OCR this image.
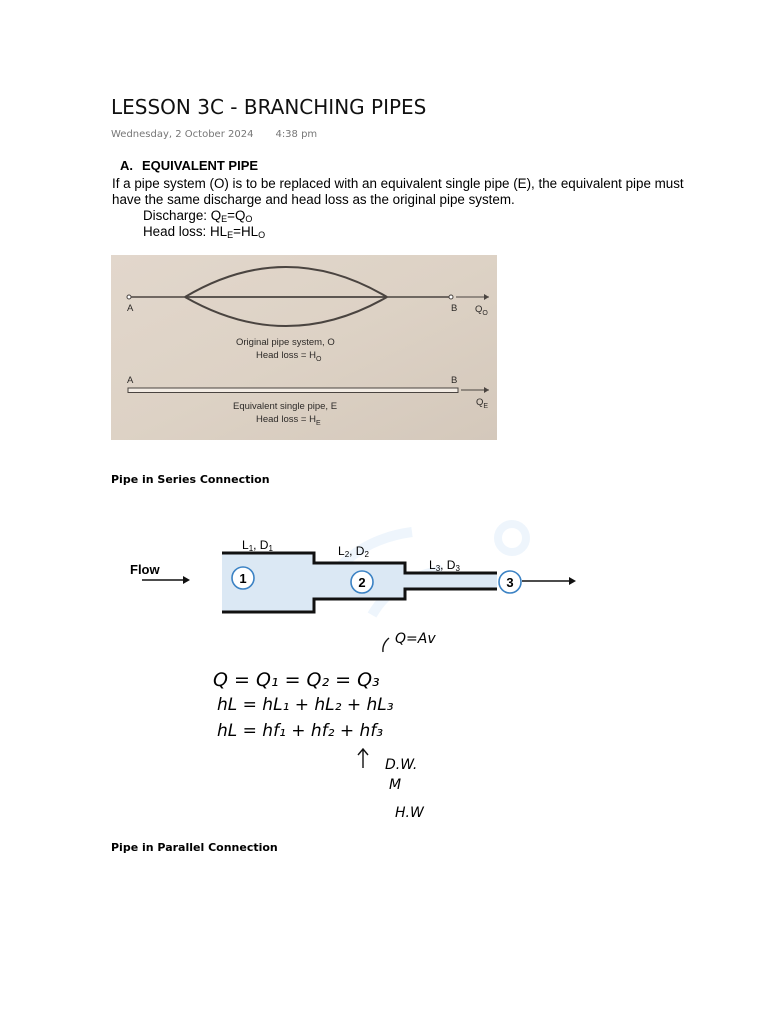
LESSON 3C - BRANCHING PIPES
Wednesday, 2 October 2024 4:38 pm
A. EQUIVALENT PIPE
If a pipe system (O) is to be replaced with an equivalent single pipe (E), the equivalent pipe must have the same discharge and head loss as the original pipe system.
Discharge: $Q_E=Q_O$
Head loss: $HL_E=HL_O$
A	B $Q_O$
Original pipe system, O
Head loss = $H_O$
A	B
$Q_E$
Equivalent single pipe, E
Head loss = $H_E$
Pipe in Series Connection
1	2	3
Flow
L1, D1	L2, D2
L3, D3
Q=Av
Q = Q₁ = Q₂ = Q₃
hL = hL₁ + hL₂ + hL₃
hL = hf₁ + hf₂ + hf₃
D.W.
M
H.W
Pipe in Parallel Connection
